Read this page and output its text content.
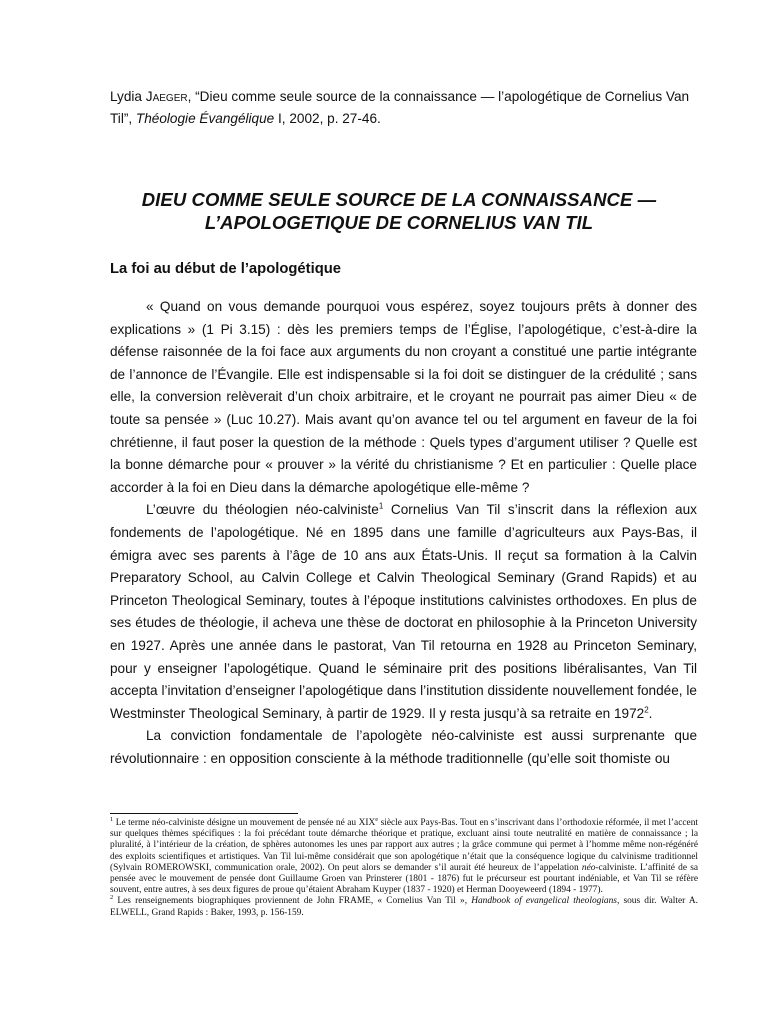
Lydia Jaeger, “Dieu comme seule source de la connaissance — l’apologétique de Cornelius Van Til”, Théologie Évangélique I, 2002, p. 27-46.
DIEU COMME SEULE SOURCE DE LA CONNAISSANCE —
L’APOLOGETIQUE DE CORNELIUS VAN TIL
La foi au début de l’apologétique

« Quand on vous demande pourquoi vous espérez, soyez toujours prêts à donner des explications » (1 Pi 3.15) : dès les premiers temps de l’Église, l’apologétique, c’est-à-dire la défense raisonnée de la foi face aux arguments du non croyant a constitué une partie intégrante de l’annonce de l’Évangile. Elle est indispensable si la foi doit se distinguer de la crédulité ; sans elle, la conversion relèverait d’un choix arbitraire, et le croyant ne pourrait pas aimer Dieu « de toute sa pensée » (Luc 10.27). Mais avant qu’on avance tel ou tel argument en faveur de la foi chrétienne, il faut poser la question de la méthode : Quels types d’argument utiliser ? Quelle est la bonne démarche pour « prouver » la vérité du christianisme ? Et en particulier : Quelle place accorder à la foi en Dieu dans la démarche apologétique elle-même ?

L’œuvre du théologien néo-calviniste$^1$ Cornelius Van Til s’inscrit dans la réflexion aux fondements de l’apologétique. Né en 1895 dans une famille d’agriculteurs aux Pays-Bas, il émigra avec ses parents à l’âge de 10 ans aux États-Unis. Il reçut sa formation à la Calvin Preparatory School, au Calvin College et Calvin Theological Seminary (Grand Rapids) et au Princeton Theological Seminary, toutes à l’époque institutions calvinistes orthodoxes. En plus de ses études de théologie, il acheva une thèse de doctorat en philosophie à la Princeton University en 1927. Après une année dans le pastorat, Van Til retourna en 1928 au Princeton Seminary, pour y enseigner l’apologétique. Quand le séminaire prit des positions libéralisantes, Van Til accepta l’invitation d’enseigner l’apologétique dans l’institution dissidente nouvellement fondée, le Westminster Theological Seminary, à partir de 1929. Il y resta jusqu’à sa retraite en 1972$^2$.

La conviction fondamentale de l’apologète néo-calviniste est aussi surprenante que révolutionnaire : en opposition consciente à la méthode traditionnelle (qu’elle soit thomiste ou

$^1$ Le terme néo-calviniste désigne un mouvement de pensée né au XIXe siècle aux Pays-Bas. Tout en s’inscrivant dans l’orthodoxie réformée, il met l’accent sur quelques thèmes spécifiques : la foi précédant toute démarche théorique et pratique, excluant ainsi toute neutralité en matière de connaissance ; la pluralité, à l’intérieur de la création, de sphères autonomes les unes par rapport aux autres ; la grâce commune qui permet à l’homme même non-régénéré des exploits scientifiques et artistiques. Van Til lui-même considérait que son apologétique n’était que la conséquence logique du calvinisme traditionnel (Sylvain ROMEROWSKI, communication orale, 2002). On peut alors se demander s’il aurait été heureux de l’appelation néo-calviniste. L’affinité de sa pensée avec le mouvement de pensée dont Guillaume Groen van Prinsterer (1801 - 1876) fut le précurseur est pourtant indéniable, et Van Til se réfère souvent, entre autres, à ses deux figures de proue qu’étaient Abraham Kuyper (1837 - 1920) et Herman Dooyeweerd (1894 - 1977).

$^2$ Les renseignements biographiques proviennent de John FRAME, « Cornelius Van Til », Handbook of evangelical theologians, sous dir. Walter A. ELWELL, Grand Rapids : Baker, 1993, p. 156-159.
